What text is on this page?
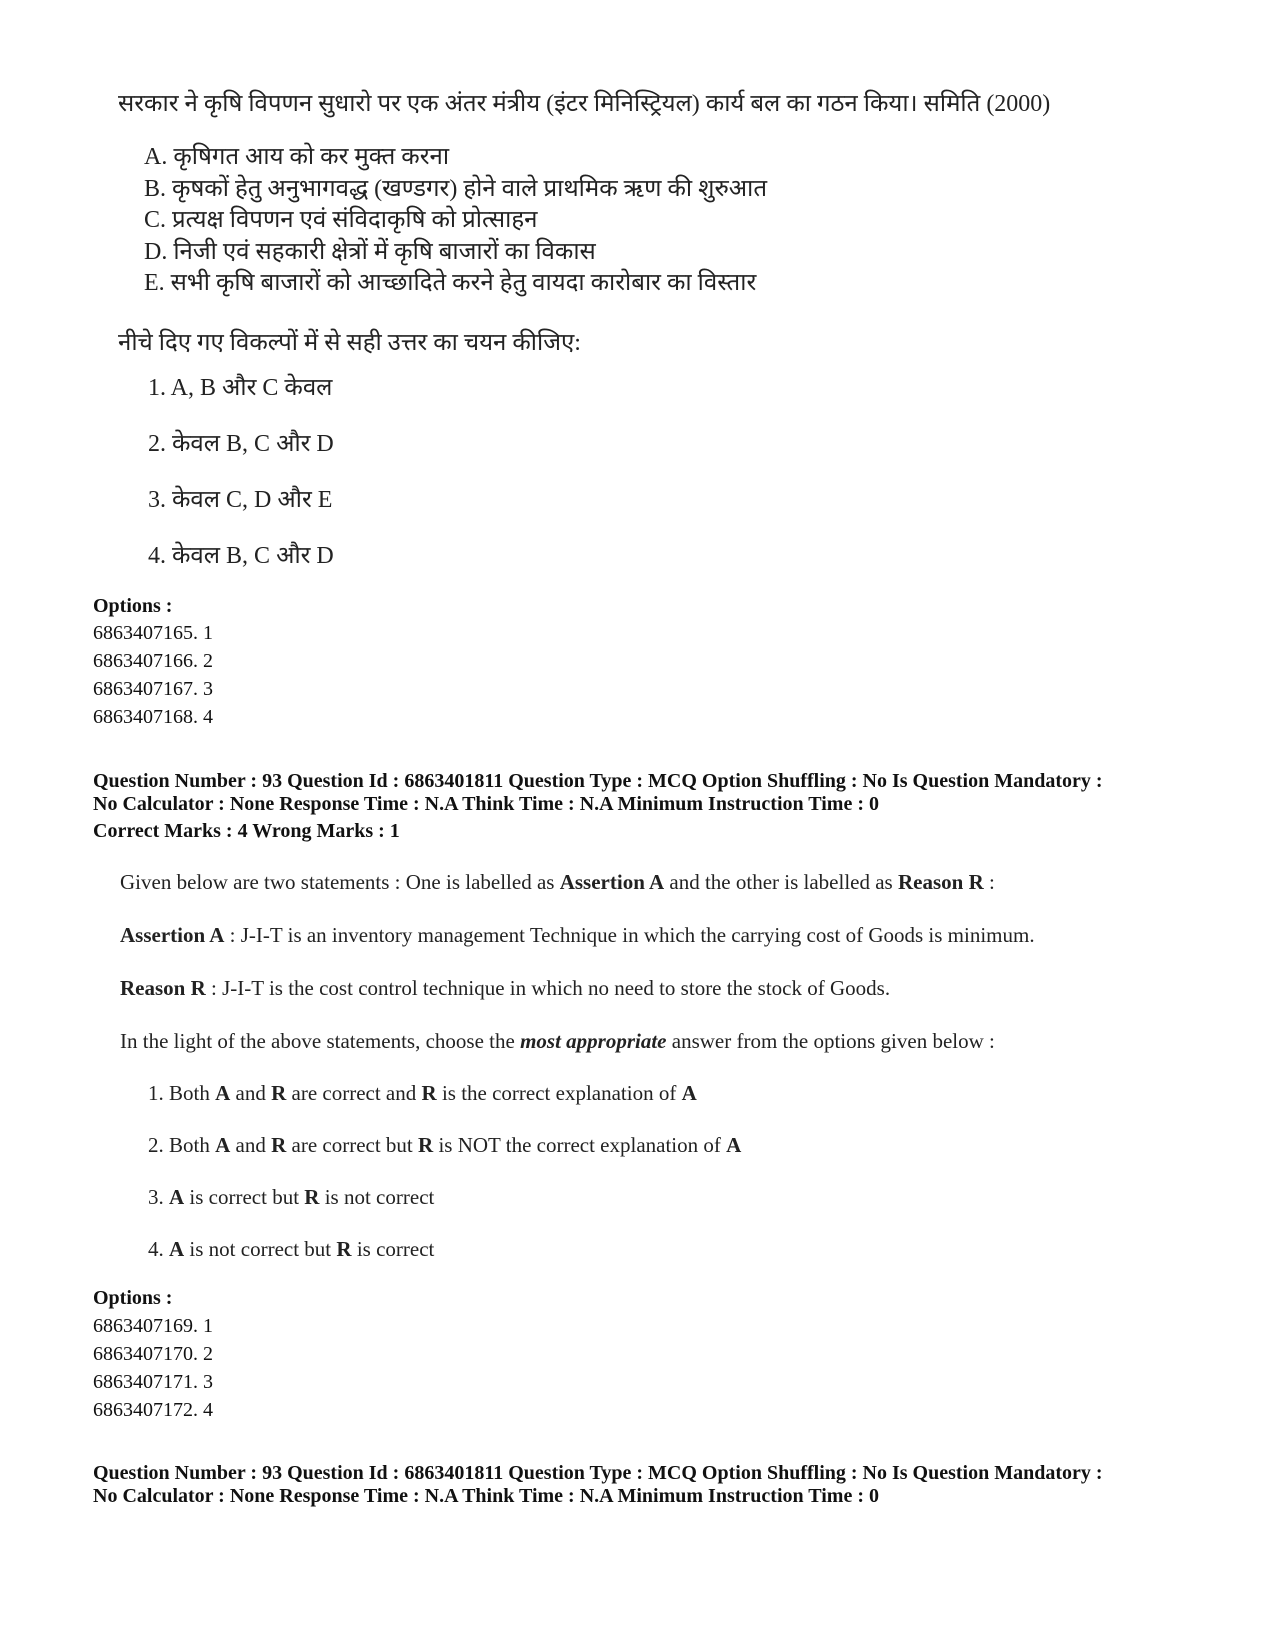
सरकार ने कृषि विपणन सुधारो पर एक अंतर मंत्रीय (इंटर मिनिस्ट्रियल) कार्य बल का गठन किया। समिति (2000)
A. कृषिगत आय को कर मुक्त करना
B. कृषकों हेतु अनुभागवद्ध (खण्डगर) होने वाले प्राथमिक ऋण की शुरुआत
C. प्रत्यक्ष विपणन एवं संविदाकृषि को प्रोत्साहन
D. निजी एवं सहकारी क्षेत्रों में कृषि बाजारों का विकास
E. सभी कृषि बाजारों को आच्छादिते करने हेतु वायदा कारोबार का विस्तार
नीचे दिए गए विकल्पों में से सही उत्तर का चयन कीजिए:
1. A, B और C केवल
2. केवल B, C और D
3. केवल C, D और E
4. केवल B, C और D
Options :
6863407165. 1
6863407166. 2
6863407167. 3
6863407168. 4
Question Number : 93 Question Id : 6863401811 Question Type : MCQ Option Shuffling : No Is Question Mandatory :
No Calculator : None Response Time : N.A Think Time : N.A Minimum Instruction Time : 0
Correct Marks : 4 Wrong Marks : 1
Given below are two statements : One is labelled as Assertion A and the other is labelled as Reason R :
Assertion A : J-I-T is an inventory management Technique in which the carrying cost of Goods is minimum.
Reason R : J-I-T is the cost control technique in which no need to store the stock of Goods.
In the light of the above statements, choose the most appropriate answer from the options given below :
1. Both A and R are correct and R is the correct explanation of A
2. Both A and R are correct but R is NOT the correct explanation of A
3. A is correct but R is not correct
4. A is not correct but R is correct
Options :
6863407169. 1
6863407170. 2
6863407171. 3
6863407172. 4
Question Number : 93 Question Id : 6863401811 Question Type : MCQ Option Shuffling : No Is Question Mandatory :
No Calculator : None Response Time : N.A Think Time : N.A Minimum Instruction Time : 0
